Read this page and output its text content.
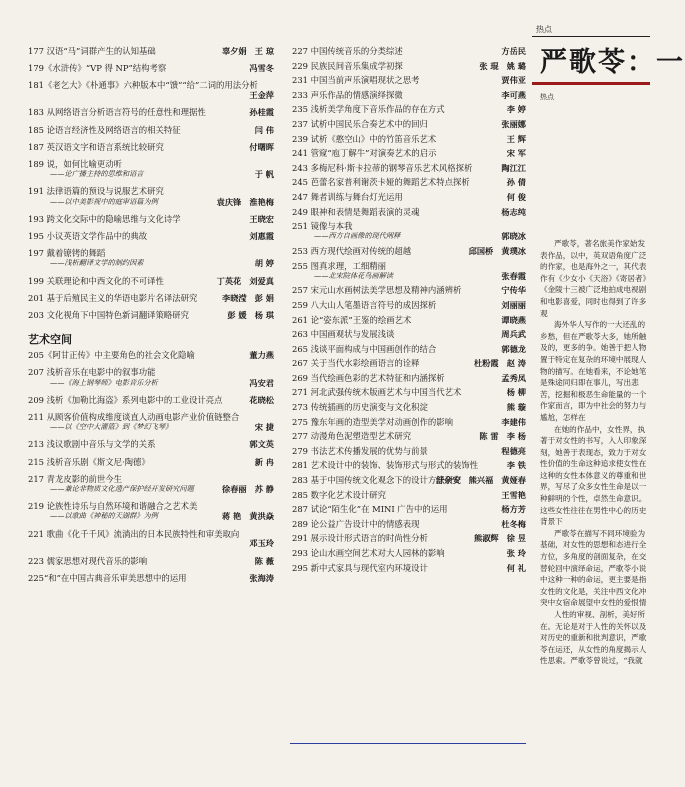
177 汉语“马”词群产生的认知基础	辜夕娟　王 琼
179《水浒传》“VP 得 NP”结构考察	冯雪冬
181《老乞大》《朴通事》六种版本中“馈”“给”二词的用法分析
王金萍
183 从网络语言分析语言符号的任意性和理据性	孙桂霞
185 论语言经济性及网络语言的相关特征	闫 伟
187 英汉语文字和语言系统比较研究	付曙晖
189 说，如何比喻更动听
——论广播主持的思维和语言	于 帆
191 法律语篇的预设与说服艺术研究
——以中美影视中的庭审语篇为例	袁庆锋　淮艳梅
193 跨文化交际中的隐喻思维与文化诗学	王晓宏
195 小议英语文学作品中的典故	刘惠霞
197 戴着镣铐的舞蹈
——浅析翻译文学的制约因素	胡 婷
199 关联理论和中西文化的不可译性	丁英花　刘爱真
201 基于后殖民主义的华语电影片名译法研究	李晓滢　彭 娟
203 文化视角下中国特色新词翻译策略研究	彭 媛　杨 琪
艺术空间
205《阿甘正传》中主要角色的社会文化隐喻	董力燕
207 浅析音乐在电影中的叙事功能
——《海上钢琴师》电影音乐分析	冯安君
209 浅析《加勒比海盗》系列电影中的工业设计亮点	花晓松
211 从顾客价值构成维度谈直人动画电影产业价值链整合
——以《空中大灌篮》到《梦幻飞琴》	宋 捷
213 浅议歌剧中音乐与文学的关系	郭文英
215 浅析音乐剧《斯文尼·陶德》	新 冉
217 青龙皮影的前世今生
——兼论非物质文化遗产保护经开发研究问题	徐春丽　苏 静
219 论族性诗乐与自然环境和谐融合之艺术美
——以歌曲《神秘的天湖群》为例	蒋 艳　黄洪焱
221 歌曲《化千千风》流淌出的日本民族特性和审美取向
邓玉玲
223 儒家思想对现代音乐的影响	陈 薇
225“和”在中国古典音乐审美思想中的运用	张海涛
227 中国传统音乐的分类综述	方岳民
229 民族民间音乐集成学初探	张 琨　姚 璐
231 中国当前声乐演唱现状之思考	贾伟亚
233 声乐作品的情感演绎探微	李可燕
235 浅析美学角度下音乐作品的存在方式	李 婷
237 试析中国民乐合奏艺术中的回归	张丽娜
239 试析《憨空山》中的竹笛音乐艺术	王 辉
241 管窥“庖丁解牛”对演奏艺术的启示	宋 军
243 多梅尼科·斯卡拉蒂的钢琴音乐艺术风格探析	陶江江
245 芭蕾名家普利谢茨卡娅的舞蹈艺术特点探析	孙 倩
247 舞者训练与舞台灯光运用	何 俊
249 眼神和表情是舞蹈表演的灵魂	杨志纯
251 镜像与本我
——西方自画像的现代阐释	郭晓冰
253 西方现代绘画对传统的超越	邱国桥　黄璞冰
255 图真求理，工细精丽
——北宋院体花鸟画解读	张春霞
257 宋元山水画树法美学思想及精神内涵辨析	宁传华
259 八大山人笔墨语言符号的成因探析	刘丽丽
261 论“姿东派”王鉴的绘画艺术	谭晓燕
263 中国画观状与发展浅谈	周兵武
265 浅谈平面构成与中国画创作的结合	郭德龙
267 关于当代水彩绘画语言的诠释	杜粉霞　赵 涛
269 当代绘画色彩的艺术特征和内涵探析	孟秀凤
271 河北武强传统木版画艺术与中国当代艺术	杨 柳
273 传统插画的历史演变与文化积淀	熊 璇
275 豫东年画的造型美学对动画创作的影响	李建伟
277 动漫角色泥塑造型艺术研究	陈 雷　李 杨
279 书法艺术传播发展的优势与前景	程德亮
281 艺术设计中的装饰、装饰形式与形式的装饰性	李 铁
283 基于中国传统文化观念下的设计方法研究
舒余安　熊兴福　黄娅春
285 数字化艺术设计研究	王雪艳
287 试论“陌生化”在 MINI 广告中的运用	杨方芳
289 论公益广告设计中的情感表现	杜冬梅
291 展示设计形式语言的时尚性分析	熊淑辉　徐 昱
293 论山水画空间艺术对大人园林的影响	张 玲
295 新中式家具与现代室内环境设计	何 礼
热点
严歌苓：一
热点

严歌苓，著名旅美作家始发表作品，以中，英双语角度广泛的作家，也是海外之一，其代表作有《少女小《天浴》《寄居者》《金陵十三被广泛地拍成电视剧和电影喜爱，同时也得到了许多观

海外华人写作的一大还乱的乡愁，但在严歌苓大多，她所触及的，更多的争。她善于把人物置于特定在复杂的环境中展现人物的描写。在她看来，不论她笔是殊途同归即在事儿，写出悲苦，挖掘和极恶生命能量的一个作家而言，即为中社会的努力与尴尬，怎样在

在她的作品中，女性界，执著于对女性的书写，入人印象深刻，她善于表现态，致力于对女性价值的生命这种追求使女性在这种的女性本体意义的尊重和世界，写尽了众多女性生命是以一种鲜明的个性，卓然生命意识。这些女性往往在男性中心的历史背景下

严歌苓在描写不同环境验为基础，对女性的思想和态进行全方位，多角度的剖面复杂，在交替轮回中演绎命运，严歌苓小说中这种一种的命运，更主要是指女性的文化是，关注中西文化冲突中女宿命展望中女性的爱恨情

人性的审视、剖析，美好所在。无论是对于人性的关怀以及对历史的重新和批判意识，严歌苓在运还，从女性的角度揭示人性思索。严歌苓曾说过，“我就
